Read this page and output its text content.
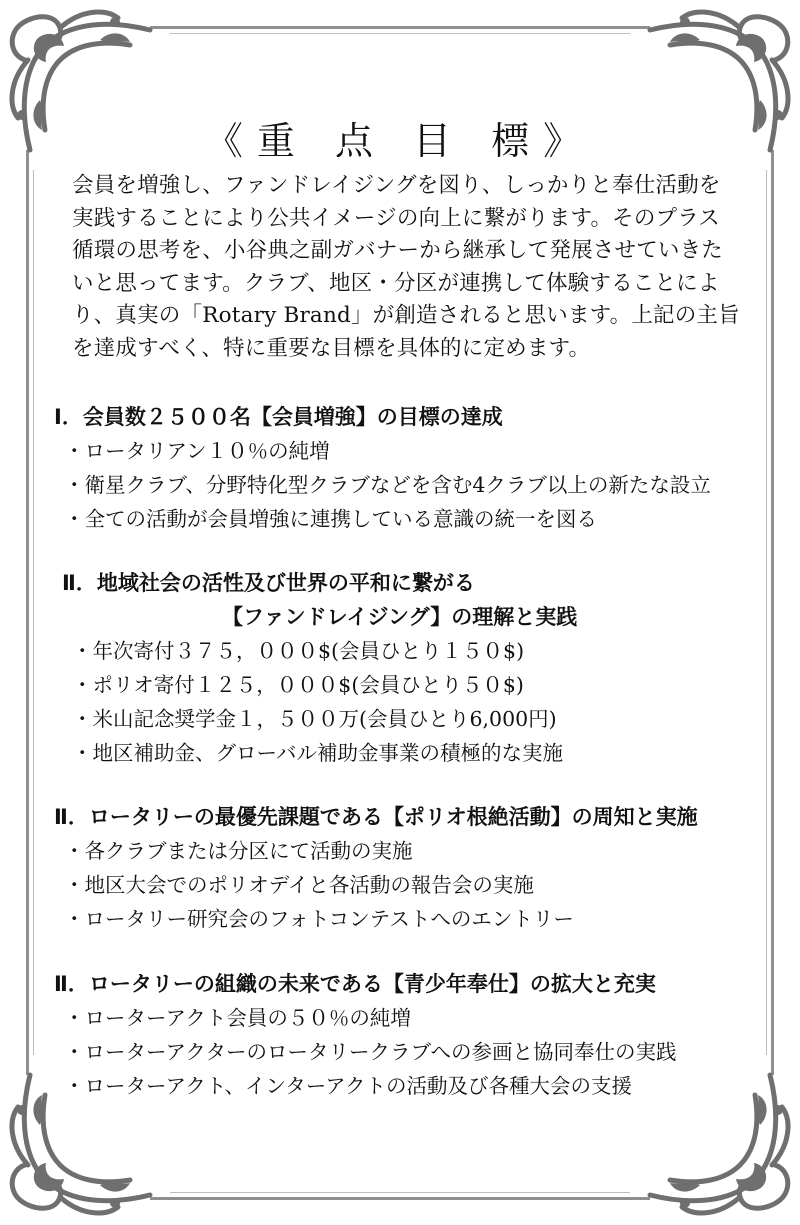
《重 点 目 標》
会員を増強し、ファンドレイジングを図り、しっかりと奉仕活動を
実践することにより公共イメージの向上に繋がります。そのプラス
循環の思考を、小谷典之副ガバナーから継承して発展させていきた
いと思ってます。クラブ、地区・分区が連携して体験することによ
り、真実の「Rotary Brand」が創造されると思います。上記の主旨
を達成すべく、特に重要な目標を具体的に定めます。
Ⅰ．会員数２５００名【会員増強】の目標の達成
・ロータリアン１０％の純増
・衛星クラブ、分野特化型クラブなどを含む4クラブ以上の新たな設立
・全ての活動が会員増強に連携している意識の統一を図る
Ⅱ．地域社会の活性及び世界の平和に繋がる
【ファンドレイジング】の理解と実践
・年次寄付３７５，０００$(会員ひとり１５０$)
・ポリオ寄付１２５，０００$(会員ひとり５０$)
・米山記念奨学金１，５００万(会員ひとり6,000円)
・地区補助金、グローバル補助金事業の積極的な実施
Ⅱ．ロータリーの最優先課題である【ポリオ根絶活動】の周知と実施
・各クラブまたは分区にて活動の実施
・地区大会でのポリオデイと各活動の報告会の実施
・ロータリー研究会のフォトコンテストへのエントリー
Ⅱ．ロータリーの組織の未来である【青少年奉仕】の拡大と充実
・ローターアクト会員の５０％の純増
・ローターアクターのロータリークラブへの参画と協同奉仕の実践
・ローターアクト、インターアクトの活動及び各種大会の支援
